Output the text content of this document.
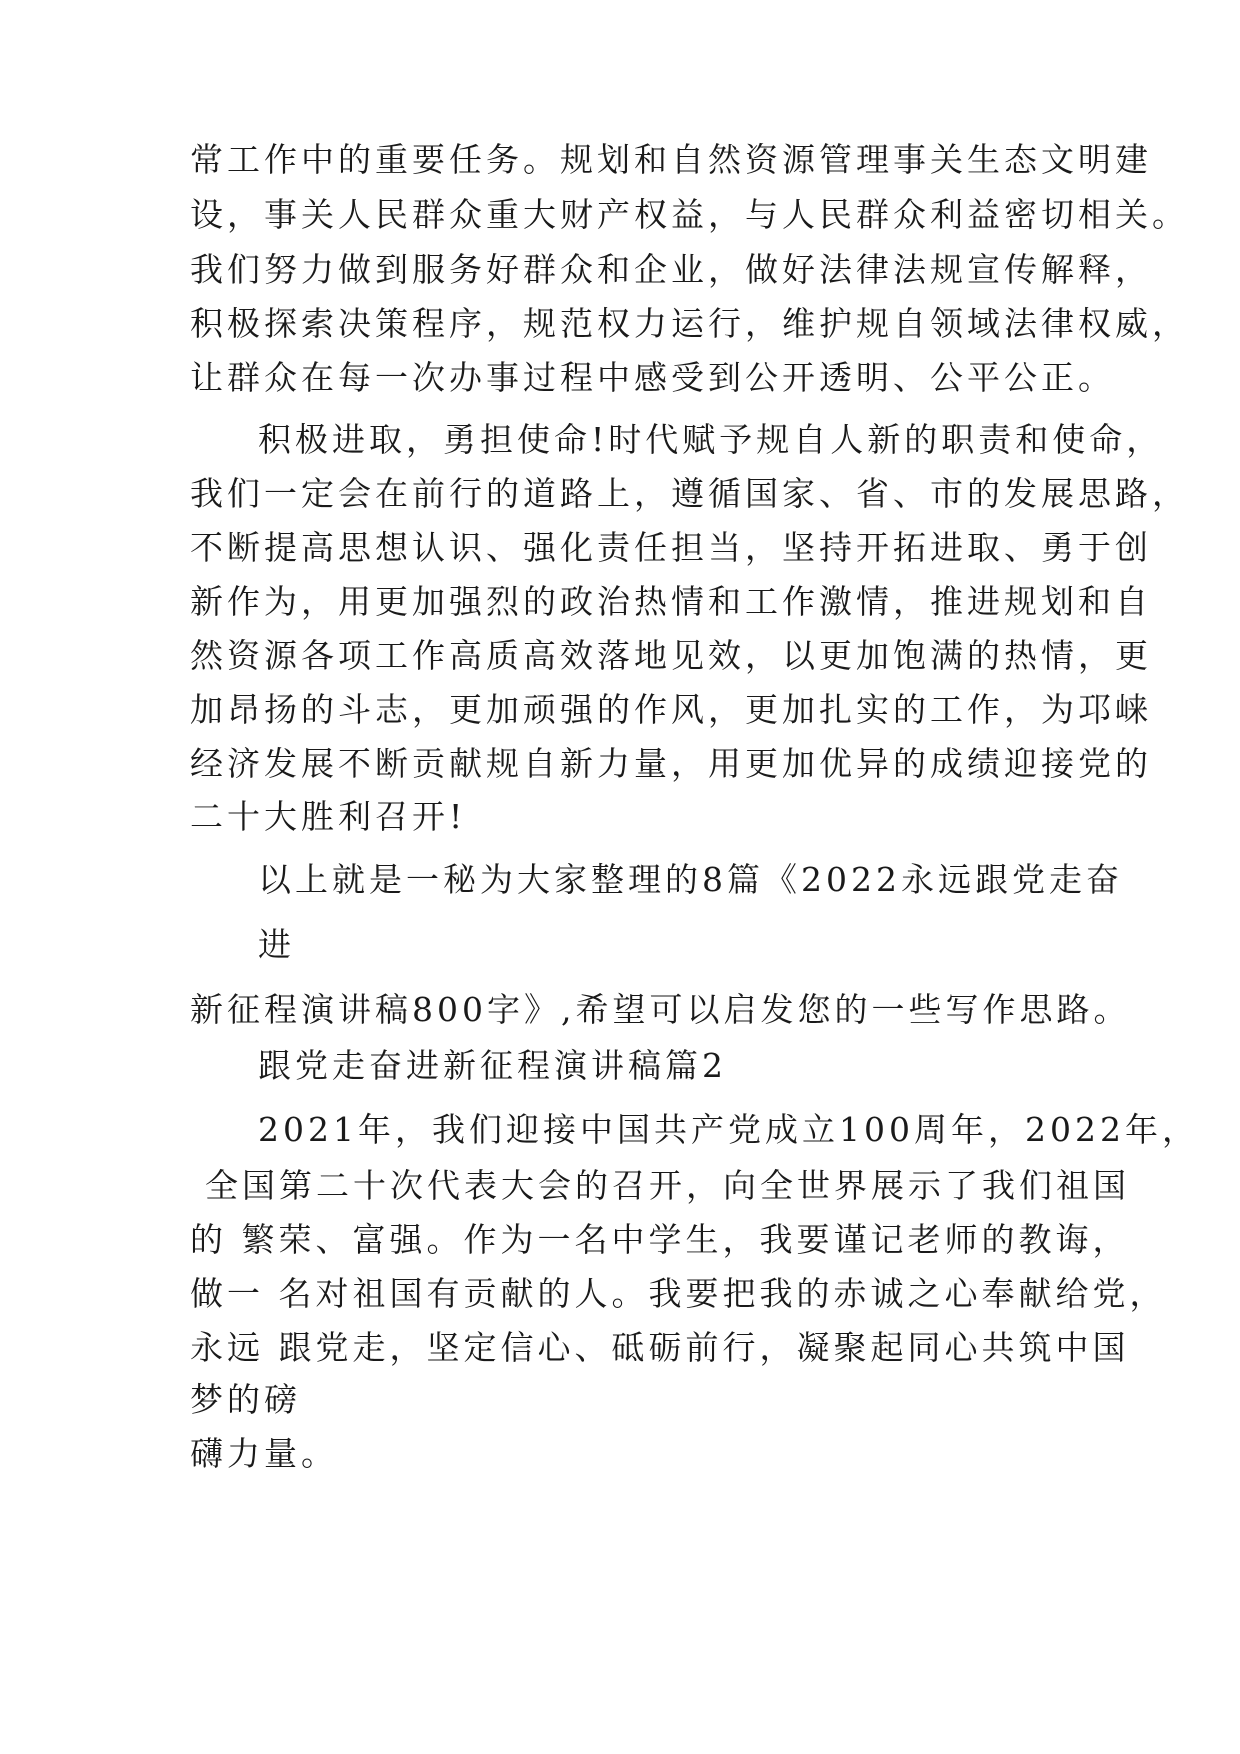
常工作中的重要任务。规划和自然资源管理事关生态文明建

设，事关人民群众重大财产权益，与人民群众利益密切相关。

我们努力做到服务好群众和企业，做好法律法规宣传解释，

积极探索决策程序，规范权力运行，维护规自领域法律权威，

让群众在每一次办事过程中感受到公开透明、公平公正。

积极进取，勇担使命!时代赋予规自人新的职责和使命，

我们一定会在前行的道路上，遵循国家、省、市的发展思路，

不断提高思想认识、强化责任担当，坚持开拓进取、勇于创

新作为，用更加强烈的政治热情和工作激情，推进规划和自

然资源各项工作高质高效落地见效，以更加饱满的热情，更

加昂扬的斗志，更加顽强的作风，更加扎实的工作，为邛崃

经济发展不断贡献规自新力量，用更加优异的成绩迎接党的

二十大胜利召开!

以上就是一秘为大家整理的8篇《2022永远跟党走奋

进

新征程演讲稿800字》,希望可以启发您的一些写作思路。

跟党走奋进新征程演讲稿篇2

2021年，我们迎接中国共产党成立100周年，2022年，

全国第二十次代表大会的召开，向全世界展示了我们祖国

的 繁荣、富强。作为一名中学生，我要谨记老师的教诲，

做一 名对祖国有贡献的人。我要把我的赤诚之心奉献给党，

永远 跟党走，坚定信心、砥砺前行，凝聚起同心共筑中国

梦的磅

礴力量。
